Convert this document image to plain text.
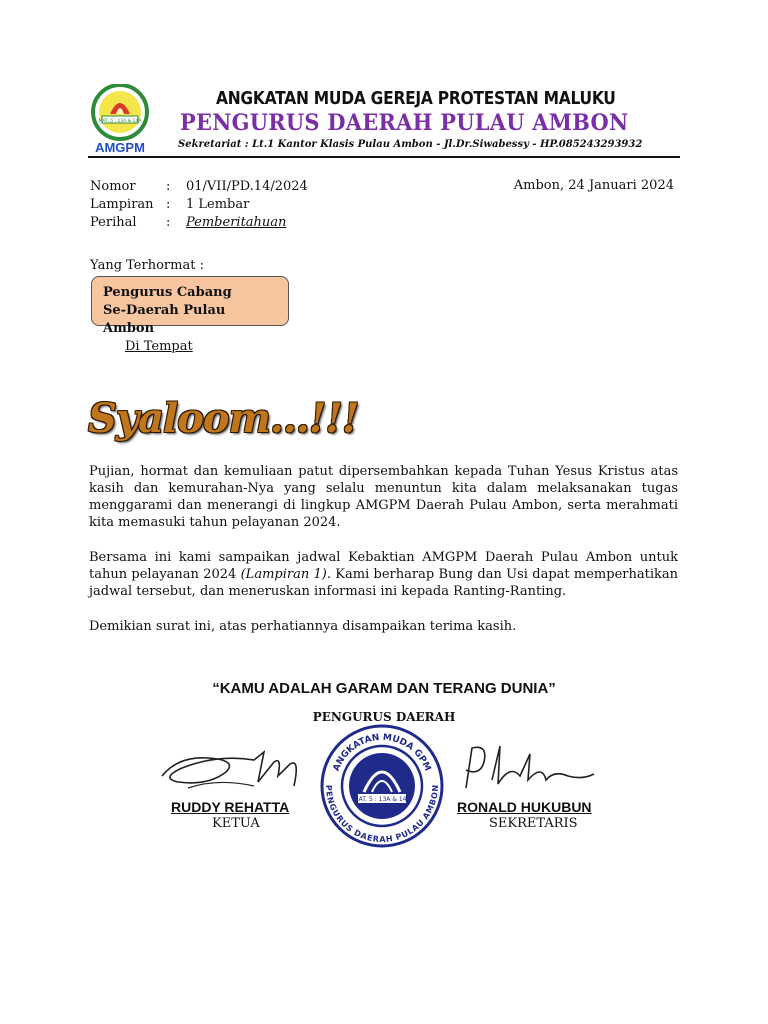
MAT. 5 : 13A & 14A
AMGPM
ANGKATAN MUDA GEREJA PROTESTAN MALUKU
PENGURUS DAERAH PULAU AMBON
Sekretariat : Lt.1 Kantor Klasis Pulau Ambon - Jl.Dr.Siwabessy - HP.085243293932
Nomor : 01/VII/PD.14/2024
Lampiran : 1 Lembar
Perihal : Pemberitahuan
Ambon, 24 Januari 2024
Yang Terhormat :
Pengurus Cabang
Se-Daerah Pulau Ambon
Di Tempat
Syaloom...!!!
Pujian, hormat dan kemuliaan patut dipersembahkan kepada Tuhan Yesus Kristus atas kasih dan kemurahan-Nya yang selalu menuntun kita dalam melaksanakan tugas menggarami dan menerangi di lingkup AMGPM Daerah Pulau Ambon, serta merahmati kita memasuki tahun pelayanan 2024.
Bersama ini kami sampaikan jadwal Kebaktian AMGPM Daerah Pulau Ambon untuk tahun pelayanan 2024 (Lampiran 1). Kami berharap Bung dan Usi dapat memperhatikan jadwal tersebut, dan meneruskan informasi ini kepada Ranting-Ranting.
Demikian surat ini, atas perhatiannya disampaikan terima kasih.
“KAMU ADALAH GARAM DAN TERANG DUNIA”
PENGURUS DAERAH
RUDDY REHATTA
KETUA
MAT. 5 : 13A & 14A
ANGKATAN MUDA GPM
PENGURUS DAERAH PULAU AMBON
RONALD HUKUBUN
SEKRETARIS
